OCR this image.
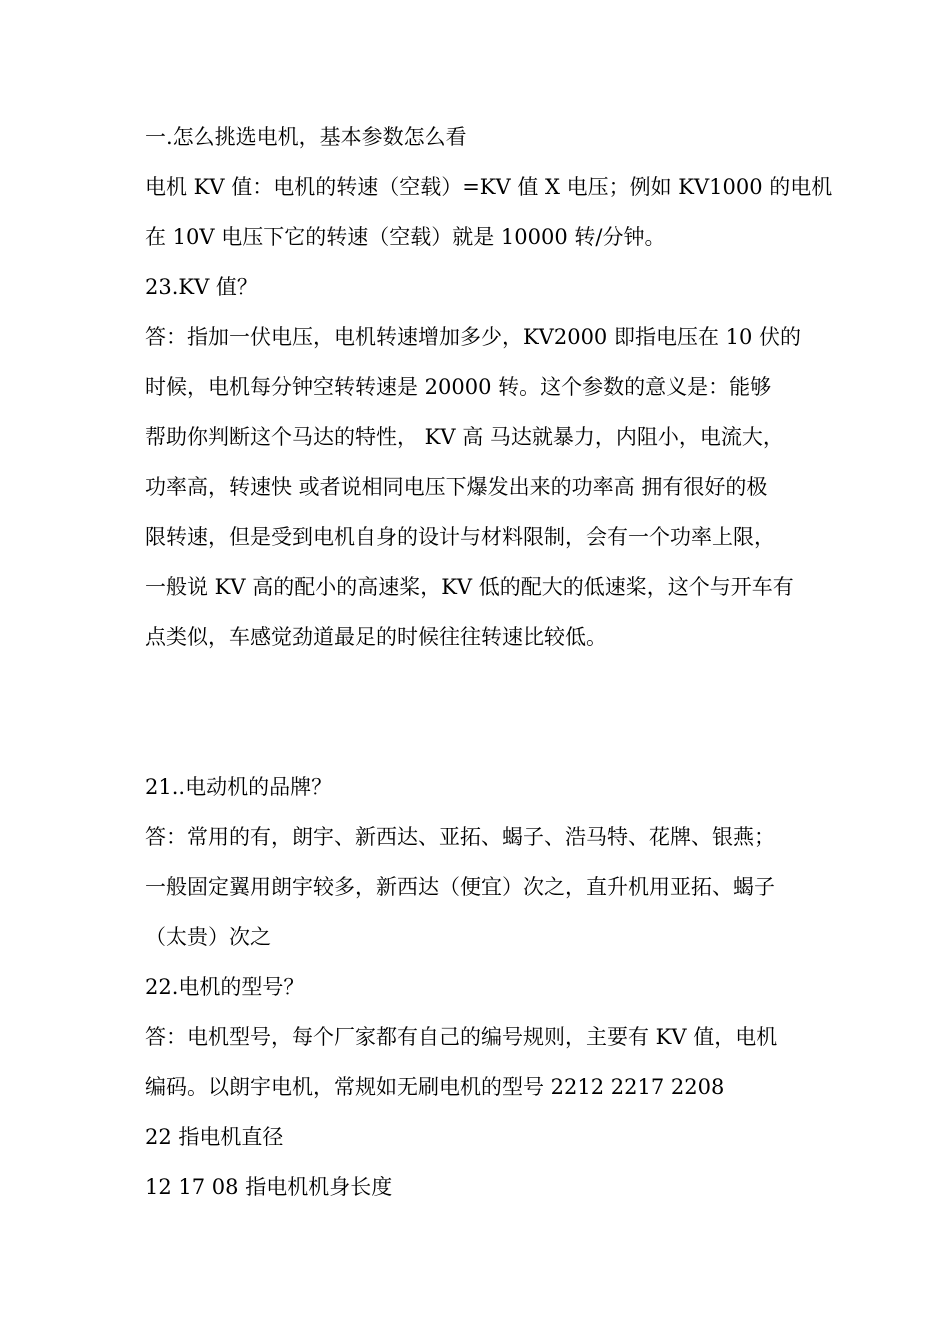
一.怎么挑选电机，基本参数怎么看
电机 KV 值：电机的转速（空载）=KV 值 X 电压；例如 KV1000 的电机
在 10V 电压下它的转速（空载）就是 10000 转/分钟。
23.KV 值？
答：指加一伏电压，电机转速增加多少，KV2000 即指电压在 10 伏的
时候，电机每分钟空转转速是 20000 转。这个参数的意义是：能够
帮助你判断这个马达的特性， KV 高 马达就暴力，内阻小，电流大，
功率高，转速快 或者说相同电压下爆发出来的功率高 拥有很好的极
限转速，但是受到电机自身的设计与材料限制，会有一个功率上限，
一般说 KV 高的配小的高速桨，KV 低的配大的低速桨，这个与开车有
点类似，车感觉劲道最足的时候往往转速比较低。
21..电动机的品牌？
答：常用的有，朗宇、新西达、亚拓、蝎子、浩马特、花牌、银燕；
一般固定翼用朗宇较多，新西达（便宜）次之，直升机用亚拓、蝎子
（太贵）次之
22.电机的型号？
答：电机型号，每个厂家都有自己的编号规则，主要有 KV 值，电机
编码。以朗宇电机，常规如无刷电机的型号 2212 2217 2208
22 指电机直径
12 17 08 指电机机身长度
